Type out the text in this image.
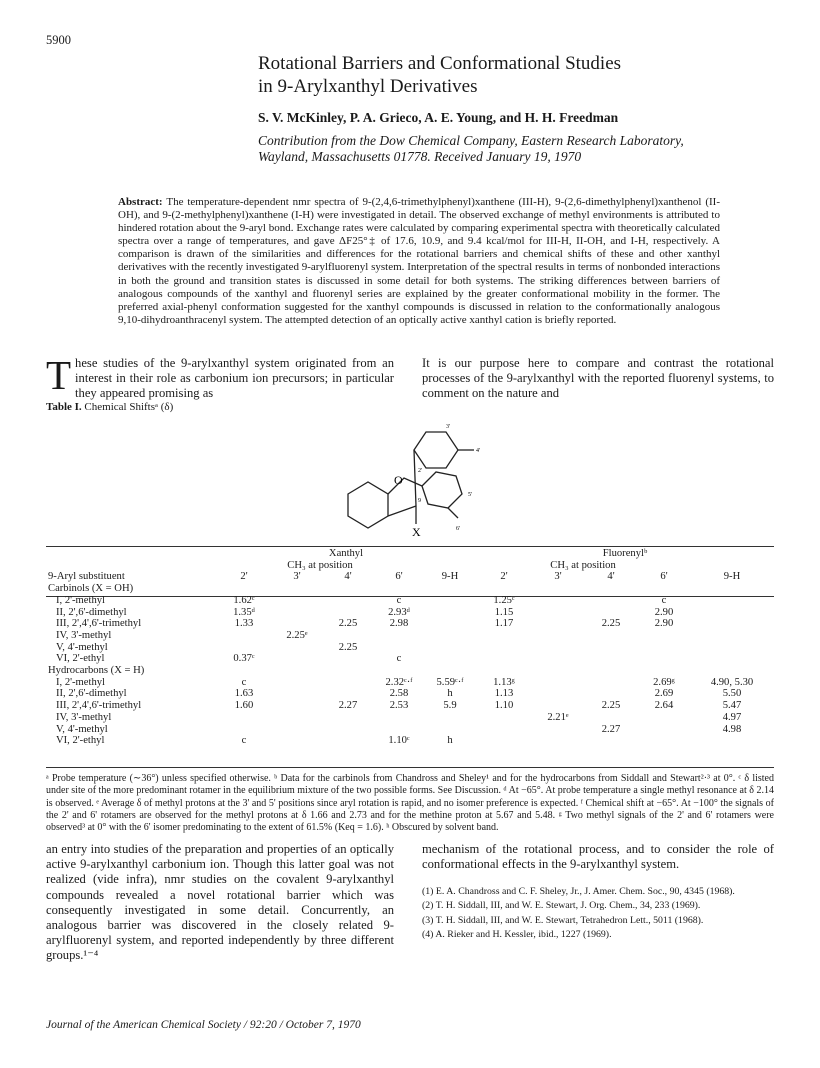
5900
Rotational Barriers and Conformational Studies
in 9-Arylxanthyl Derivatives
S. V. McKinley, P. A. Grieco, A. E. Young, and H. H. Freedman
Contribution from the Dow Chemical Company, Eastern Research Laboratory,
Wayland, Massachusetts 01778. Received January 19, 1970
Abstract: The temperature-dependent nmr spectra of 9-(2,4,6-trimethylphenyl)xanthene (III-H), 9-(2,6-dimethylphenyl)xanthenol (II-OH), and 9-(2-methylphenyl)xanthene (I-H) were investigated in detail. The observed exchange of methyl environments is attributed to hindered rotation about the 9-aryl bond. Exchange rates were calculated by comparing experimental spectra with theoretically calculated spectra over a range of temperatures, and gave ΔF25°‡ of 17.6, 10.9, and 9.4 kcal/mol for III-H, II-OH, and I-H, respectively. A comparison is drawn of the similarities and differences for the rotational barriers and chemical shifts of these and other xanthyl derivatives with the recently investigated 9-arylfluorenyl system. Interpretation of the spectral results in terms of nonbonded interactions in both the ground and transition states is discussed in some detail for both systems. The striking differences between barriers of analogous compounds of the xanthyl and fluorenyl series are explained by the greater conformational mobility in the former. The preferred axial-phenyl conformation suggested for the xanthyl compounds is discussed in relation to the conformationally analogous 9,10-dihydroanthracenyl system. The attempted detection of an optically active xanthyl cation is briefly reported.
T hese studies of the 9-arylxanthyl system originated from an interest in their role as carbonium ion precursors; in particular they appeared promising as
It is our purpose here to compare and contrast the rotational processes of the 9-arylxanthyl with the reported fluorenyl systems, to comment on the nature and
Table I. Chemical Shiftsᵃ (δ)
O
X
9
2'
3'
4'
5'
6'
	Xanthyl					Fluorenylᵇ				
	CH₃ at position					CH₃ at position				
9-Aryl substituent	2'	3'	4'	6'	9-H	2'	3'	4'	6'	9-H
Carbinols (X = OH)										
I, 2'-methyl	1.62ᶜ			c		1.25ᶜ			c	
II, 2',6'-dimethyl	1.35ᵈ			2.93ᵈ		1.15			2.90	
III, 2',4',6'-trimethyl	1.33		2.25	2.98		1.17		2.25	2.90	
IV, 3'-methyl		2.25ᵉ								
V, 4'-methyl			2.25							
VI, 2'-ethyl	0.37ᶜ			c						
Hydrocarbons (X = H)										
I, 2'-methyl	c			2.32ᶜ·ᶠ	5.59ᶜ·ᶠ	1.13ᵍ			2.69ᵍ	4.90, 5.30
II, 2',6'-dimethyl	1.63			2.58	h	1.13			2.69	5.50
III, 2',4',6'-trimethyl	1.60		2.27	2.53	5.9	1.10		2.25	2.64	5.47
IV, 3'-methyl							2.21ᵉ			4.97
V, 4'-methyl								2.27		4.98
VI, 2'-ethyl	c			1.10ᶜ	h					
ᵃ Probe temperature (∼36°) unless specified otherwise. ᵇ Data for the carbinols from Chandross and Sheley¹ and for the hydrocarbons from Siddall and Stewart²·³ at 0°. ᶜ δ listed under site of the more predominant rotamer in the equilibrium mixture of the two possible forms. See Discussion. ᵈ At −65°. At probe temperature a single methyl resonance at δ 2.14 is observed. ᵉ Average δ of methyl protons at the 3' and 5' positions since aryl rotation is rapid, and no isomer preference is expected. ᶠ Chemical shift at −65°. At −100° the signals of the 2' and 6' rotamers are observed for the methyl protons at δ 1.66 and 2.73 and for the methine proton at 5.67 and 5.48. ᵍ Two methyl signals of the 2' and 6' rotamers were observed³ at 0° with the 6' isomer predominating to the extent of 61.5% (Keq = 1.6). ʰ Obscured by solvent band.
an entry into studies of the preparation and properties of an optically active 9-arylxanthyl carbonium ion. Though this latter goal was not realized (vide infra), nmr studies on the covalent 9-arylxanthyl compounds revealed a novel rotational barrier which was consequently investigated in some detail. Concurrently, an analogous barrier was discovered in the closely related 9-arylfluorenyl system, and reported independently by three different groups.¹⁻⁴
mechanism of the rotational process, and to consider the role of conformational effects in the 9-arylxanthyl system.
(1) E. A. Chandross and C. F. Sheley, Jr., J. Amer. Chem. Soc., 90, 4345 (1968).
(2) T. H. Siddall, III, and W. E. Stewart, J. Org. Chem., 34, 233 (1969).
(3) T. H. Siddall, III, and W. E. Stewart, Tetrahedron Lett., 5011 (1968).
(4) A. Rieker and H. Kessler, ibid., 1227 (1969).
Journal of the American Chemical Society / 92:20 / October 7, 1970
